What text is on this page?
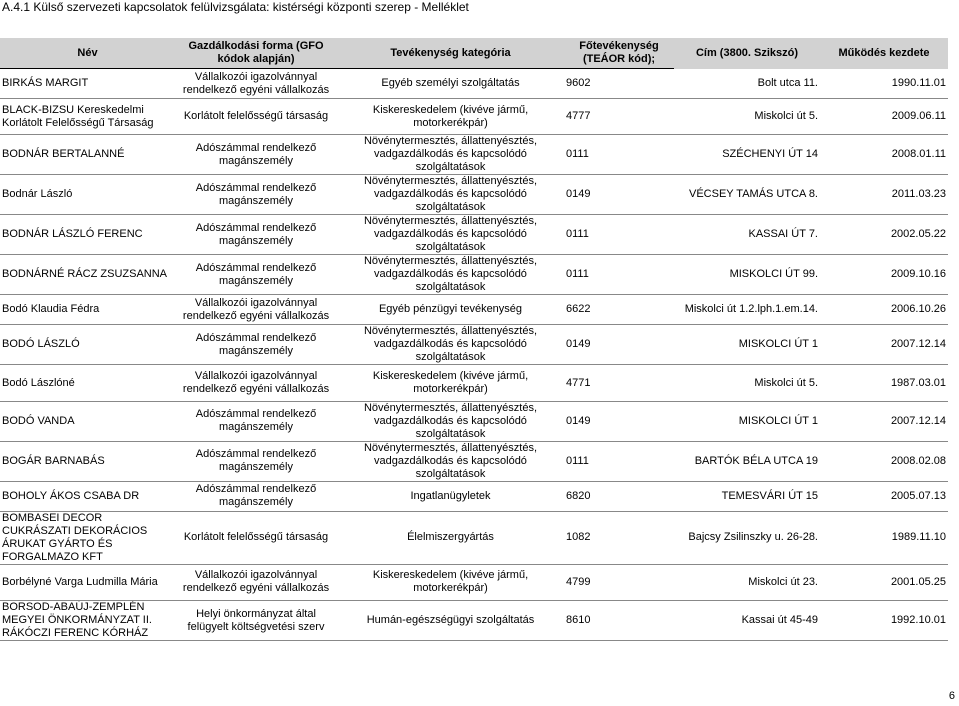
A.4.1 Külső szervezeti kapcsolatok felülvizsgálata: kistérségi központi szerep - Melléklet
Név	Gazdálkodási forma (GFO kódok alapján)	Tevékenység kategória	Főtevékenység (TEÁOR kód);	Cím (3800. Szikszó)	Működés kezdete
BIRKÁS MARGIT	Vállalkozói igazolvánnyal rendelkező egyéni vállalkozás	Egyéb személyi szolgáltatás	9602	Bolt utca 11.	1990.11.01
BLACK-BIZSU Kereskedelmi Korlátolt Felelősségű Társaság	Korlátolt felelősségű társaság	Kiskereskedelem (kivéve jármű, motorkerékpár)	4777	Miskolci út 5.	2009.06.11
BODNÁR BERTALANNÉ	Adószámmal rendelkező magánszemély	Növénytermesztés, állattenyésztés, vadgazdálkodás és kapcsolódó szolgáltatások	0111	SZÉCHENYI ÚT 14	2008.01.11
Bodnár László	Adószámmal rendelkező magánszemély	Növénytermesztés, állattenyésztés, vadgazdálkodás és kapcsolódó szolgáltatások	0149	VÉCSEY TAMÁS UTCA 8.	2011.03.23
BODNÁR LÁSZLÓ FERENC	Adószámmal rendelkező magánszemély	Növénytermesztés, állattenyésztés, vadgazdálkodás és kapcsolódó szolgáltatások	0111	KASSAI ÚT 7.	2002.05.22
BODNÁRNÉ RÁCZ ZSUZSANNA	Adószámmal rendelkező magánszemély	Növénytermesztés, állattenyésztés, vadgazdálkodás és kapcsolódó szolgáltatások	0111	MISKOLCI ÚT 99.	2009.10.16
Bodó Klaudia Fédra	Vállalkozói igazolvánnyal rendelkező egyéni vállalkozás	Egyéb pénzügyi tevékenység	6622	Miskolci út 1.2.lph.1.em.14.	2006.10.26
BODÓ LÁSZLÓ	Adószámmal rendelkező magánszemély	Növénytermesztés, állattenyésztés, vadgazdálkodás és kapcsolódó szolgáltatások	0149	MISKOLCI ÚT 1	2007.12.14
Bodó Lászlóné	Vállalkozói igazolvánnyal rendelkező egyéni vállalkozás	Kiskereskedelem (kivéve jármű, motorkerékpár)	4771	Miskolci út 5.	1987.03.01
BODÓ VANDA	Adószámmal rendelkező magánszemély	Növénytermesztés, állattenyésztés, vadgazdálkodás és kapcsolódó szolgáltatások	0149	MISKOLCI ÚT 1	2007.12.14
BOGÁR BARNABÁS	Adószámmal rendelkező magánszemély	Növénytermesztés, állattenyésztés, vadgazdálkodás és kapcsolódó szolgáltatások	0111	BARTÓK BÉLA UTCA 19	2008.02.08
BOHOLY ÁKOS CSABA DR	Adószámmal rendelkező magánszemély	Ingatlanügyletek	6820	TEMESVÁRI ÚT 15	2005.07.13
BOMBASEI DECOR CUKRÁSZATI DEKORÁCIOS ÁRUKAT GYÁRTO ÉS FORGALMAZO KFT	Korlátolt felelősségű társaság	Élelmiszergyártás	1082	Bajcsy Zsilinszky u. 26-28.	1989.11.10
Borbélyné Varga Ludmilla Mária	Vállalkozói igazolvánnyal rendelkező egyéni vállalkozás	Kiskereskedelem (kivéve jármű, motorkerékpár)	4799	Miskolci út 23.	2001.05.25
BORSOD-ABAÚJ-ZEMPLÉN MEGYEI ÖNKORMÁNYZAT II. RÁKÓCZI FERENC KÓRHÁZ	Helyi önkormányzat által felügyelt költségvetési szerv	Humán-egészségügyi szolgáltatás	8610	Kassai út 45-49	1992.10.01
6
